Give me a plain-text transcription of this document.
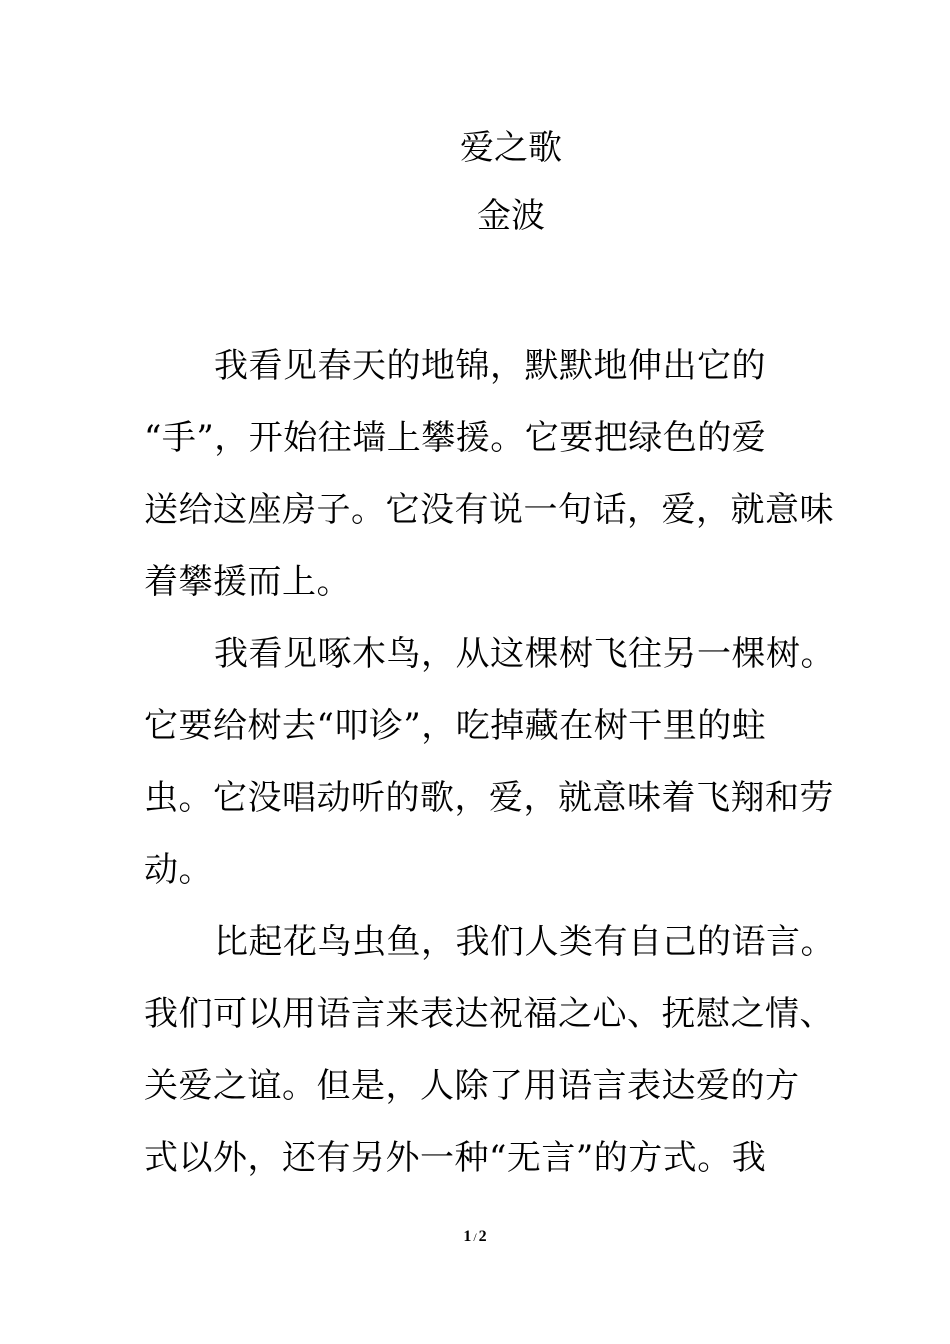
爱之歌
金波
我看见春天的地锦，默默地伸出它的
“手”，开始往墙上攀援。它要把绿色的爱
送给这座房子。它没有说一句话，爱，就意味
着攀援而上。
我看见啄木鸟，从这棵树飞往另一棵树。
它要给树去“叩诊”，吃掉藏在树干里的蛀
虫。它没唱动听的歌，爱，就意味着飞翔和劳
动。
比起花鸟虫鱼，我们人类有自己的语言。
我们可以用语言来表达祝福之心、抚慰之情、
关爱之谊。但是，人除了用语言表达爱的方
式以外，还有另外一种“无言”的方式。我
1 / 2
